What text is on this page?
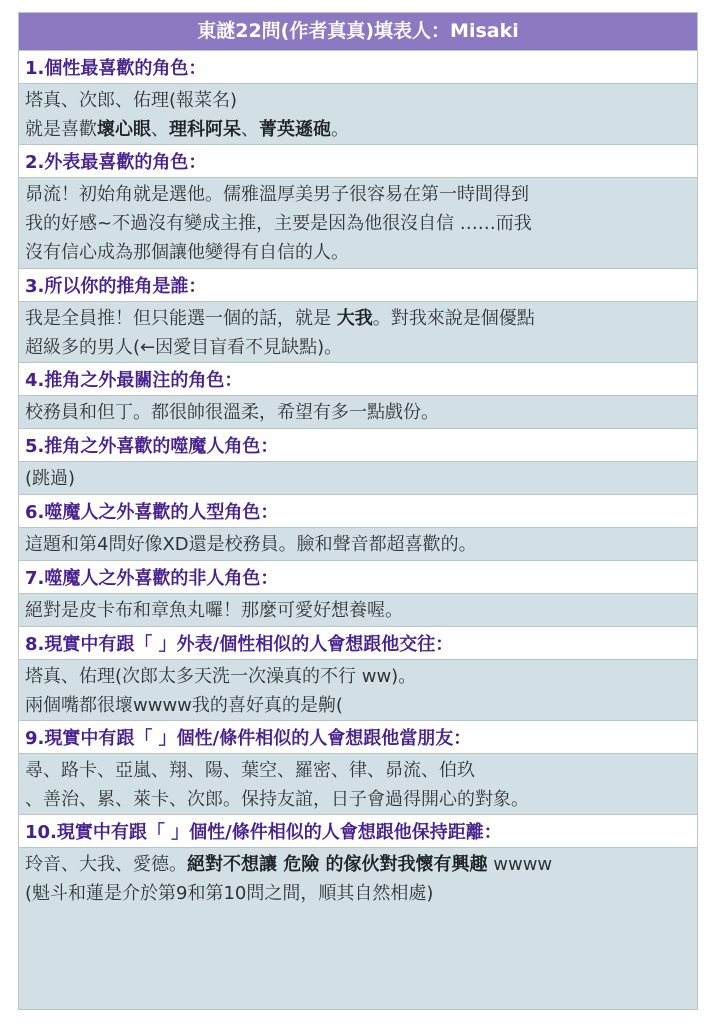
東謎22問(作者真真)填表人：Misaki
1.個性最喜歡的角色：
塔真、次郎、佑理(報菜名)
就是喜歡壞心眼、理科阿呆、菁英遜砲。
2.外表最喜歡的角色：
昴流！初始角就是選他。儒雅溫厚美男子很容易在第一時間得到
我的好感~不過沒有變成主推，主要是因為他很沒自信 ……而我
沒有信心成為那個讓他變得有自信的人。
3.所以你的推角是誰：
我是全員推！但只能選一個的話，就是 大我。對我來說是個優點
超級多的男人(←因愛目盲看不見缺點)。
4.推角之外最關注的角色：
校務員和但丁。都很帥很溫柔，希望有多一點戲份。
5.推角之外喜歡的噬魔人角色：
(跳過)
6.噬魔人之外喜歡的人型角色：
這題和第4問好像XD還是校務員。臉和聲音都超喜歡的。
7.噬魔人之外喜歡的非人角色：
絕對是皮卡布和章魚丸囉！那麼可愛好想養喔。
8.現實中有跟「 」外表/個性相似的人會想跟他交往：
塔真、佑理(次郎太多天洗一次澡真的不行 ww)。
兩個嘴都很壞wwww我的喜好真的是齁(
9.現實中有跟「 」個性/條件相似的人會想跟他當朋友：
尋、路卡、亞嵐、翔、陽、葉空、羅密、律、昴流、伯玖
、善治、累、萊卡、次郎。保持友誼，日子會過得開心的對象。
10.現實中有跟「 」個性/條件相似的人會想跟他保持距離：
玲音、大我、愛德。絕對不想讓 危險 的傢伙對我懷有興趣 wwww
(魁斗和蓮是介於第9和第10問之間，順其自然相處)
